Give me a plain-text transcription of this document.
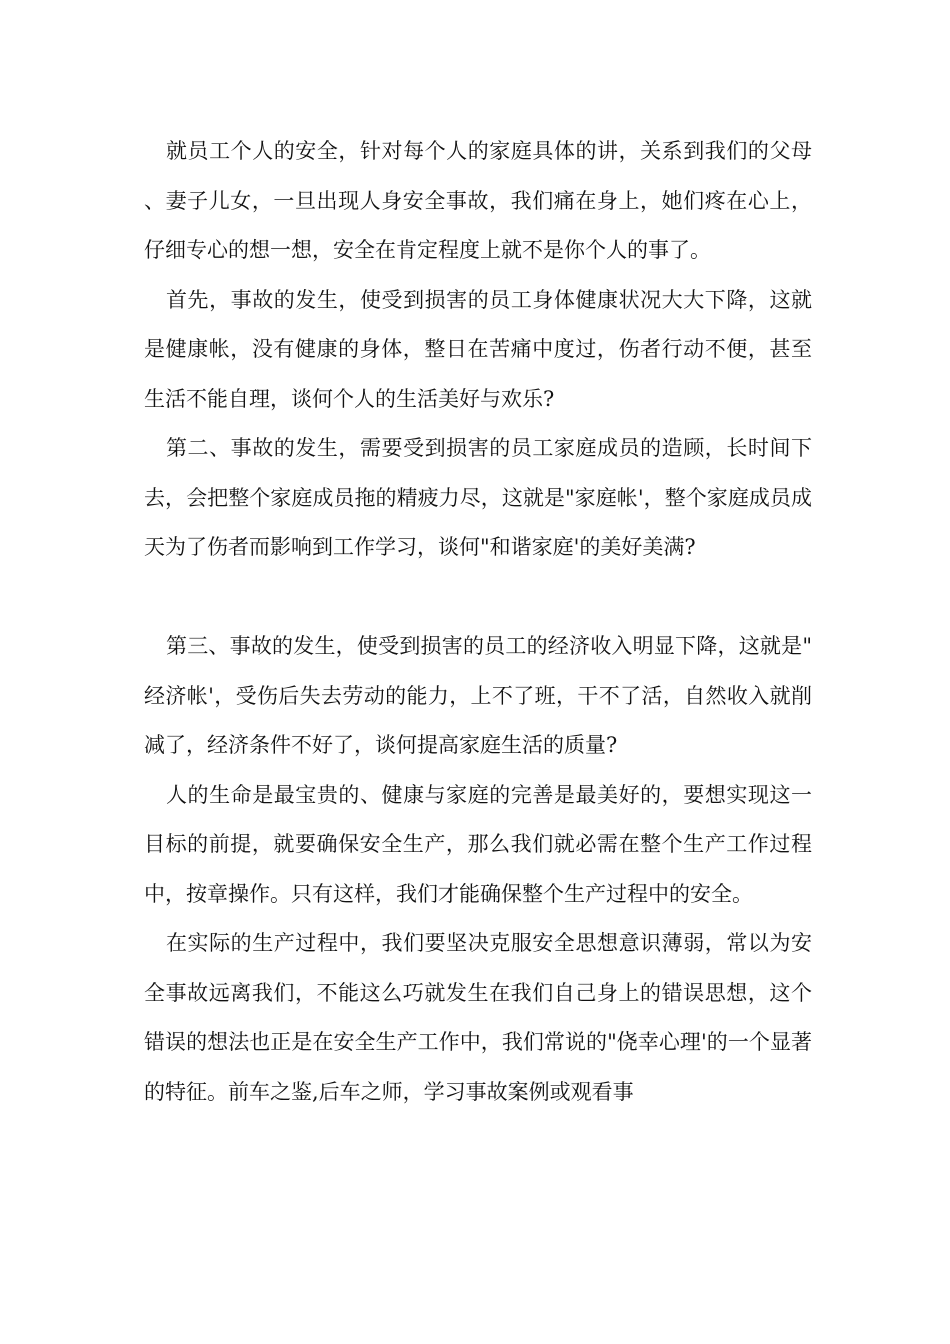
就员工个人的安全，针对每个人的家庭具体的讲，关系到我们的父母、妻子儿女，一旦出现人身安全事故，我们痛在身上，她们疼在心上，仔细专心的想一想，安全在肯定程度上就不是你个人的事了。

首先，事故的发生，使受到损害的员工身体健康状况大大下降，这就是健康帐，没有健康的身体，整日在苦痛中度过，伤者行动不便，甚至生活不能自理，谈何个人的生活美好与欢乐?

第二、事故的发生，需要受到损害的员工家庭成员的造顾，长时间下去，会把整个家庭成员拖的精疲力尽，这就是"家庭帐'，整个家庭成员成天为了伤者而影响到工作学习，谈何"和谐家庭'的美好美满?

第三、事故的发生，使受到损害的员工的经济收入明显下降，这就是"经济帐'，受伤后失去劳动的能力，上不了班，干不了活，自然收入就削减了，经济条件不好了，谈何提高家庭生活的质量?

人的生命是最宝贵的、健康与家庭的完善是最美好的，要想实现这一目标的前提，就要确保安全生产，那么我们就必需在整个生产工作过程中，按章操作。只有这样，我们才能确保整个生产过程中的安全。

在实际的生产过程中，我们要坚决克服安全思想意识薄弱，常以为安全事故远离我们，不能这么巧就发生在我们自己身上的错误思想，这个错误的想法也正是在安全生产工作中，我们常说的"侥幸心理'的一个显著的特征。前车之鉴,后车之师，学习事故案例或观看事
